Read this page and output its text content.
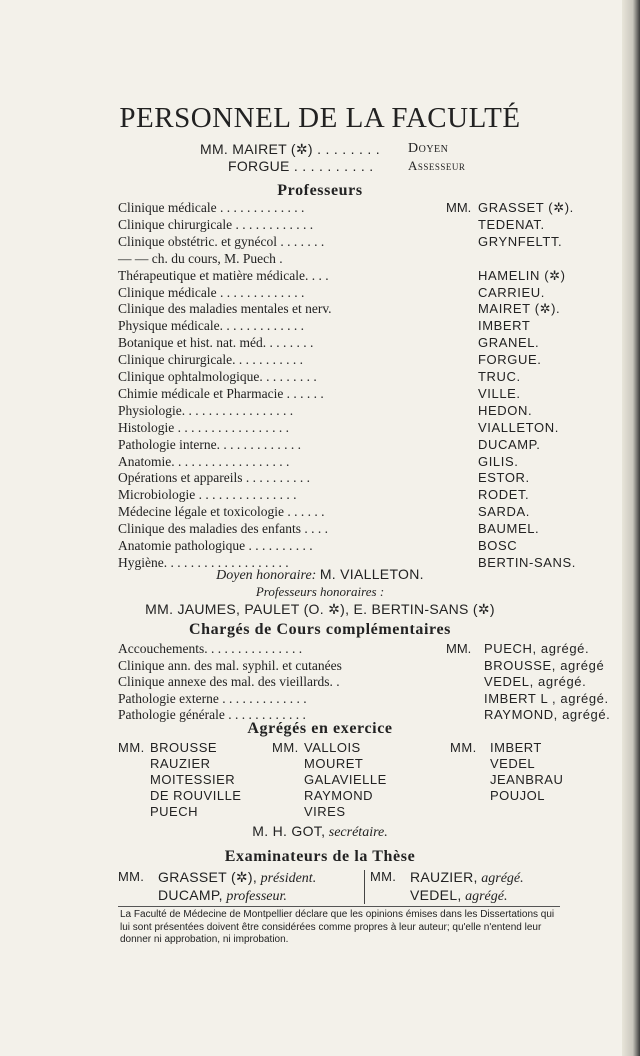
PERSONNEL DE LA FACULTÉ
MM. MAIRET (✲) . . . . . . . . Doyen
FORGUE . . . . . . . . . .	Assesseur
Professeurs
Clinique médicale . . . . . . . . . . . . .	MM. GRASSET (✲).
Clinique chirurgicale . . . . . . . . . . . .	TEDENAT.
Clinique obstétric. et gynécol . . . . . . .	GRYNFELTT.
— — ch. du cours, M. Puech .
Thérapeutique et matière médicale. . . .	HAMELIN (✲)
Clinique médicale . . . . . . . . . . . . .	CARRIEU.
Clinique des maladies mentales et nerv.	MAIRET (✲).
Physique médicale. . . . . . . . . . . . .	IMBERT
Botanique et hist. nat. méd. . . . . . . .	GRANEL.
Clinique chirurgicale. . . . . . . . . . .	FORGUE.
Clinique ophtalmologique. . . . . . . . .	TRUC.
Chimie médicale et Pharmacie . . . . . .	VILLE.
Physiologie. . . . . . . . . . . . . . . . .	HEDON.
Histologie . . . . . . . . . . . . . . . . .	VIALLETON.
Pathologie interne. . . . . . . . . . . . .	DUCAMP.
Anatomie. . . . . . . . . . . . . . . . . .	GILIS.
Opérations et appareils . . . . . . . . . .	ESTOR.
Microbiologie . . . . . . . . . . . . . . .	RODET.
Médecine légale et toxicologie . . . . . .	SARDA.
Clinique des maladies des enfants . . . .	BAUMEL.
Anatomie pathologique . . . . . . . . . .	BOSC
Hygiène. . . . . . . . . . . . . . . . . . .	BERTIN-SANS.
Doyen honoraire: M. VIALLETON.
Professeurs honoraires :
MM. JAUMES, PAULET (O. ✲), E. BERTIN-SANS (✲)
Chargés de Cours complémentaires
Accouchements. . . . . . . . . . . . . . .	MM. PUECH, agrégé.
Clinique ann. des mal. syphil. et cutanées	BROUSSE, agrégé
Clinique annexe des mal. des vieillards. .	VEDEL, agrégé.
Pathologie externe . . . . . . . . . . . . .	IMBERT L , agrégé.
Pathologie générale . . . . . . . . . . . .	RAYMOND, agrégé.
Agrégés en exercice
MM. BROUSSE
RAUZIER
MOITESSIER
DE ROUVILLE
PUECH
MM. VALLOIS
MOURET
GALAVIELLE
RAYMOND
VIRES
MM. IMBERT
VEDEL
JEANBRAU
POUJOL
M. H. GOT, secrétaire.
Examinateurs de la Thèse
MM. GRASSET (✲), président.
DUCAMP, professeur.
MM. RAUZIER, agrégé.
VEDEL, agrégé.
La Faculté de Médecine de Montpellier déclare que les opinions émises dans les Dissertations qui lui sont présentées doivent être considérées comme propres à leur auteur; qu'elle n'entend leur donner ni approbation, ni improbation.
